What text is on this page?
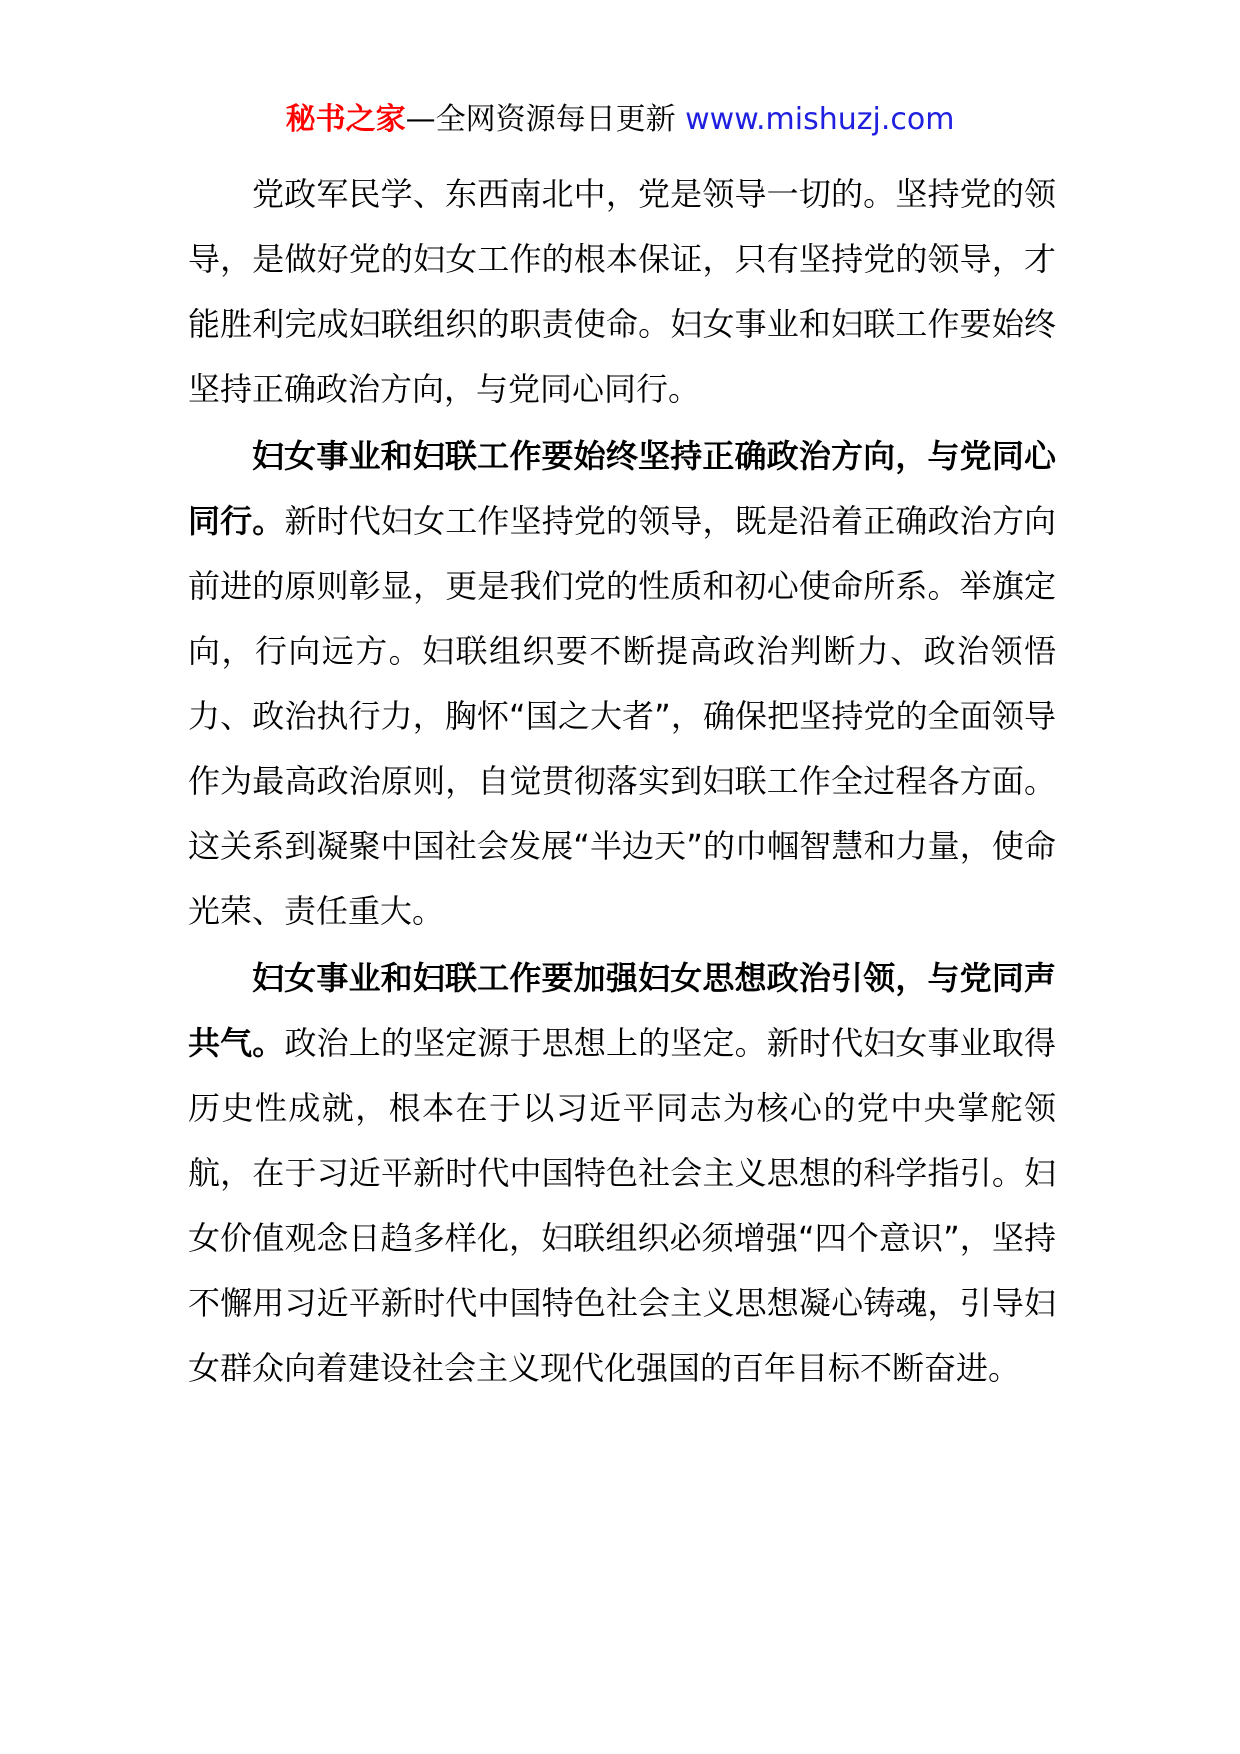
秘书之家—全网资源每日更新 www.mishuzj.com

党政军民学、东西南北中，党是领导一切的。坚持党的领导，是做好党的妇女工作的根本保证，只有坚持党的领导，才能胜利完成妇联组织的职责使命。妇女事业和妇联工作要始终坚持正确政治方向，与党同心同行。

妇女事业和妇联工作要始终坚持正确政治方向，与党同心同行。新时代妇女工作坚持党的领导，既是沿着正确政治方向前进的原则彰显，更是我们党的性质和初心使命所系。举旗定向，行向远方。妇联组织要不断提高政治判断力、政治领悟力、政治执行力，胸怀“国之大者”，确保把坚持党的全面领导作为最高政治原则，自觉贯彻落实到妇联工作全过程各方面。这关系到凝聚中国社会发展“半边天”的巾帼智慧和力量，使命光荣、责任重大。

妇女事业和妇联工作要加强妇女思想政治引领，与党同声共气。政治上的坚定源于思想上的坚定。新时代妇女事业取得历史性成就，根本在于以习近平同志为核心的党中央掌舵领航，在于习近平新时代中国特色社会主义思想的科学指引。妇女价值观念日趋多样化，妇联组织必须增强“四个意识”，坚持不懈用习近平新时代中国特色社会主义思想凝心铸魂，引导妇女群众向着建设社会主义现代化强国的百年目标不断奋进。
